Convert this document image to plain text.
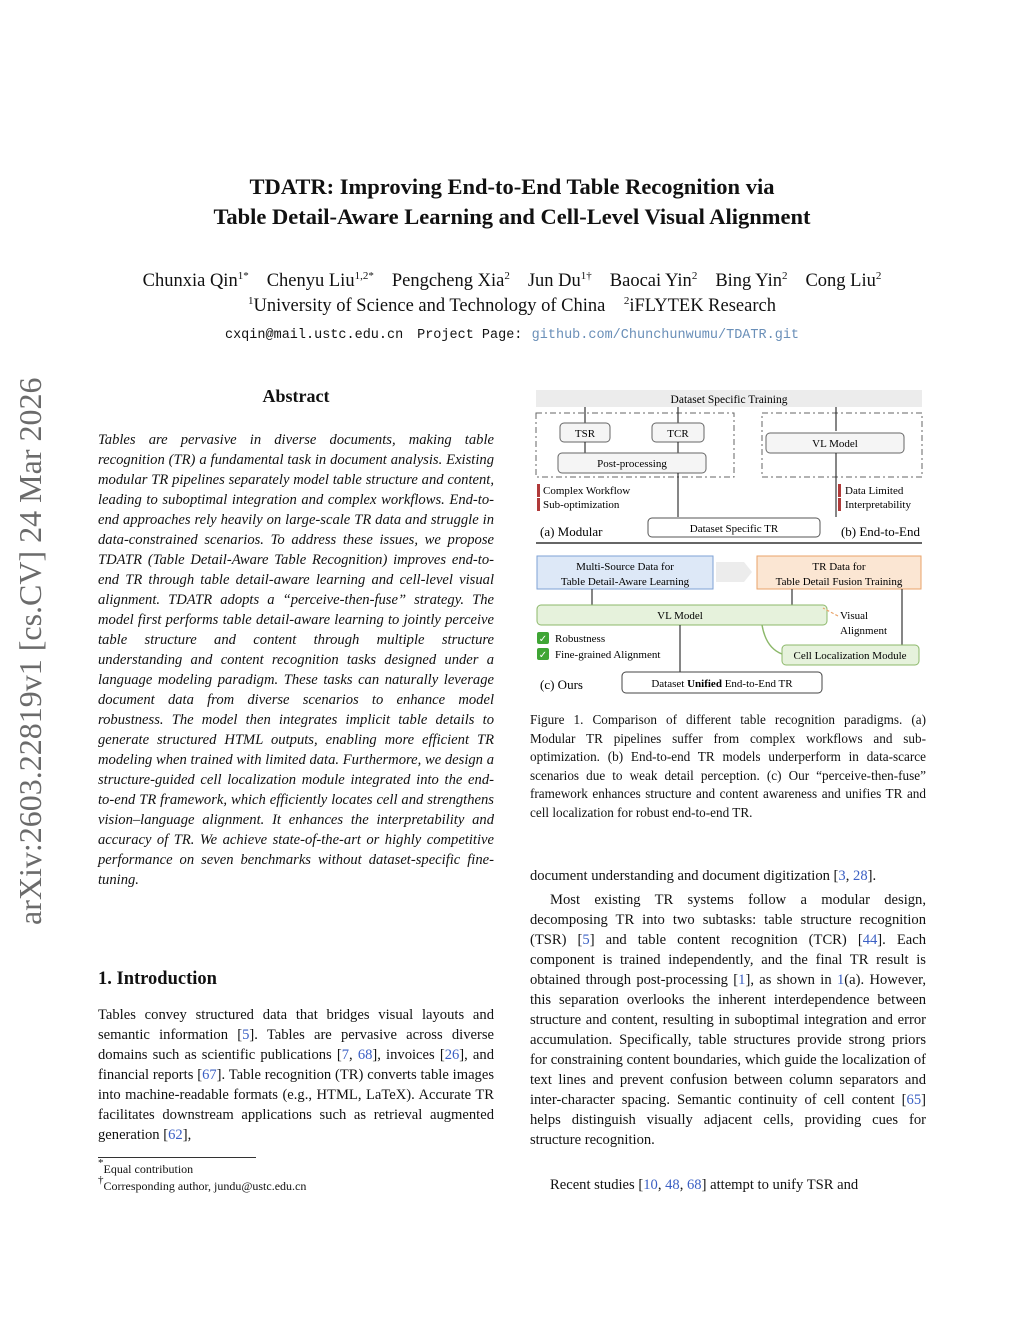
TDATR: Improving End-to-End Table Recognition via
Table Detail-Aware Learning and Cell-Level Visual Alignment
Chunxia Qin$^{1*}$ Chenyu Liu$^{1,2*}$ Pengcheng Xia$^2$ Jun $Du^{1\dagger}$ Baocai Yin$^2$ Bing Yin$^2$ Cong Liu$^2$
$^1$University of Science and Technology of China $^2$iFLYTEK Research
cxqin@mail.ustc.edu.cn Project Page: github.com/Chunchunwumu/TDATR.git
arXiv:2603.22819v1 [cs.CV] 24 Mar 2026	Abstract
Tables are pervasive in diverse documents, making table recognition (TR) a fundamental task in document analysis. Existing modular TR pipelines separately model table structure and content, leading to suboptimal integration and complex workflows. End-to-end approaches rely heavily on large-scale TR data and struggle in data-constrained scenarios. To address these issues, we propose TDATR (Table Detail-Aware Table Recognition) improves end-to-end TR through table detail-aware learning and cell-level visual alignment. TDATR adopts a “perceive-then-fuse” strategy. The model first performs table detail-aware learning to jointly perceive table structure and content through multiple structure understanding and content recognition tasks designed under a language modeling paradigm. These tasks can naturally leverage document data from diverse scenarios to enhance model robustness. The model then integrates implicit table details to generate structured HTML outputs, enabling more efficient TR modeling when trained with limited data. Furthermore, we design a structure-guided cell localization module integrated into the end-to-end TR framework, which efficiently locates cell and strengthens vision–language alignment. It enhances the interpretability and accuracy of TR. We achieve state-of-the-art or highly competitive performance on seven benchmarks without dataset-specific fine-tuning.
1. Introduction
Tables convey structured data that bridges visual layouts and semantic information [5]. Tables are pervasive across diverse domains such as scientific publications [7, 68], invoices [26], and financial reports [67]. Table recognition (TR) converts table images into machine-readable formats (e.g., HTML, LaTeX). Accurate TR facilitates downstream applications such as retrieval augmented generation [62],
*Equal contribution
†Corresponding author, jundu@ustc.edu.cn
Dataset Specific Training
TSR	TCR
Post-processing
VL Model
Complex Workflow
Sub-optimization
Data Limited
Interpretability
(a) Modular	Dataset Specific TR	(b) End-to-End
Multi-Source Data for
Table Detail-Aware Learning
TR Data for
Table Detail Fusion Training
VL Model	Visual
Alignment
Cell Localization Module
✓ Robustness
✓ Fine-grained Alignment
(c) Ours	Dataset Unified End-to-End TR
Figure 1. Comparison of different table recognition paradigms. (a) Modular TR pipelines suffer from complex workflows and sub-optimization. (b) End-to-end TR models underperform in data-scarce scenarios due to weak detail perception. (c) Our “perceive-then-fuse” framework enhances structure and content awareness and unifies TR and cell localization for robust end-to-end TR.
document understanding and document digitization [3, 28].
Most existing TR systems follow a modular design, decomposing TR into two subtasks: table structure recognition (TSR) [5] and table content recognition (TCR) [44]. Each component is trained independently, and the final TR result is obtained through post-processing [1], as shown in 1(a). However, this separation overlooks the inherent interdependence between structure and content, resulting in suboptimal integration and error accumulation. Specifically, table structures provide strong priors for constraining content boundaries, which guide the localization of text lines and prevent confusion between column separators and inter-character spacing. Semantic continuity of cell content [65] helps distinguish visually adjacent cells, providing cues for structure recognition.
Recent studies [10, 48, 68] attempt to unify TSR and
